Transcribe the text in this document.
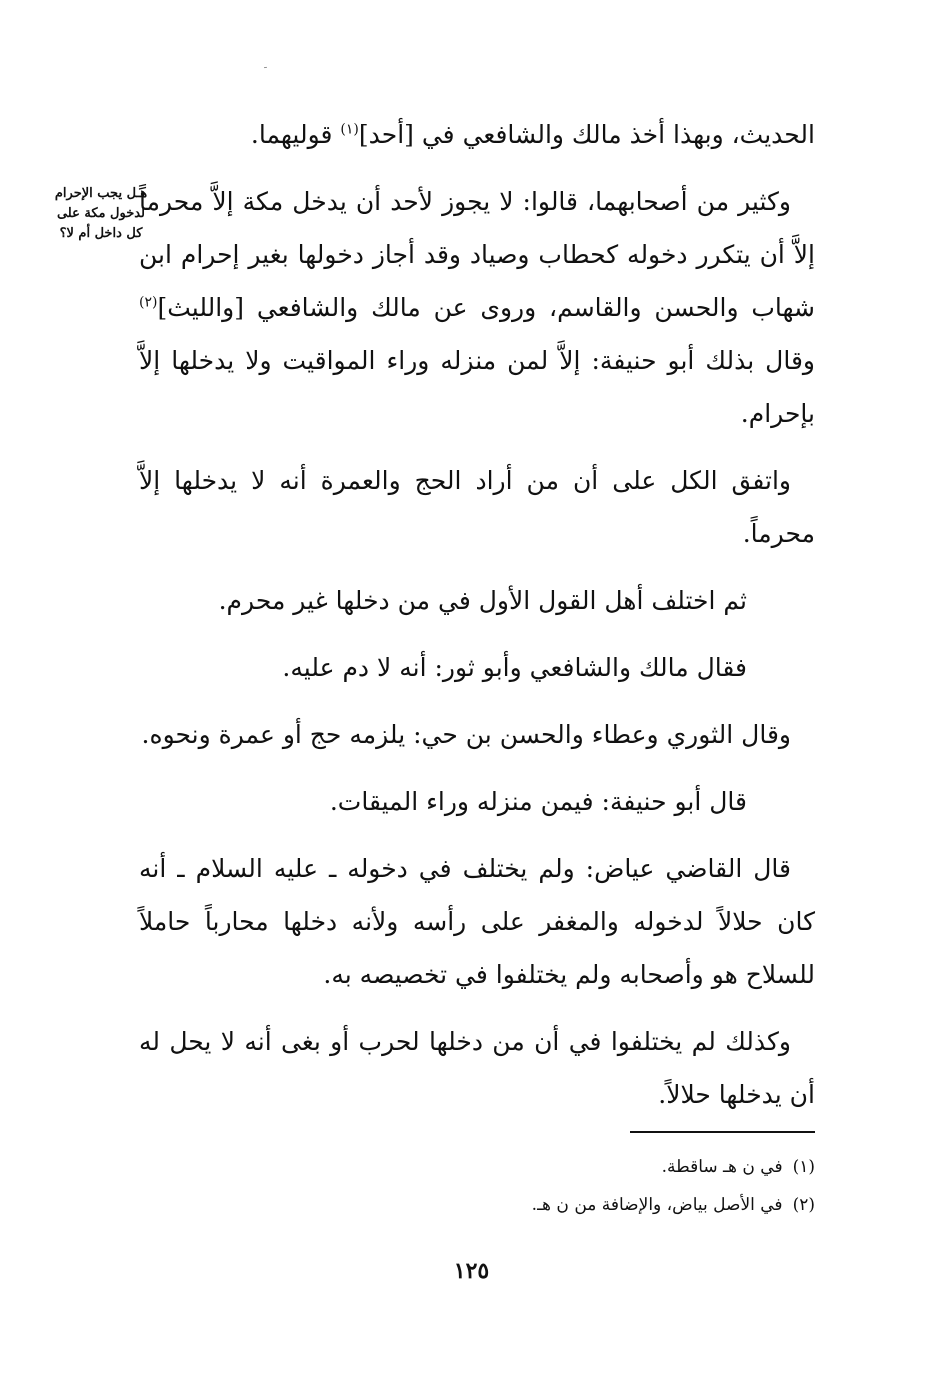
ﹶ
هـل يجب الإحرام لدخول مكة على كل داخل أم لا؟

الحديث، وبهذا أخذ مالك والشافعي في [أحد]$^{(١)}$ قوليهما.

وكثير من أصحابهما، قالوا: لا يجوز لأحد أن يدخل مكة إلاَّ محرماً إلاَّ أن يتكرر دخوله كحطاب وصياد وقد أجاز دخولها بغير إحرام ابن شهاب والحسن والقاسم، وروى عن مالك والشافعي [والليث]$^{(٢)}$ وقال بذلك أبو حنيفة: إلاَّ لمن منزله وراء المواقيت ولا يدخلها إلاَّ بإحرام.

واتفق الكل على أن من أراد الحج والعمرة أنه لا يدخلها إلاَّ محرماً.

ثم اختلف أهل القول الأول في من دخلها غير محرم.

فقال مالك والشافعي وأبو ثور: أنه لا دم عليه.

وقال الثوري وعطاء والحسن بن حي: يلزمه حج أو عمرة ونحوه.

قال أبو حنيفة: فيمن منزله وراء الميقات.

قال القاضي عياض: ولم يختلف في دخوله ـ عليه السلام ـ أنه كان حلالاً لدخوله والمغفر على رأسه ولأنه دخلها محارباً حاملاً للسلاح هو وأصحابه ولم يختلفوا في تخصيصه به.

وكذلك لم يختلفوا في أن من دخلها لحرب أو بغى أنه لا يحل له أن يدخلها حلالاً.

(١)في ن هـ ساقطة.

(٢)في الأصل بياض، والإضافة من ن هـ.

١٢٥
